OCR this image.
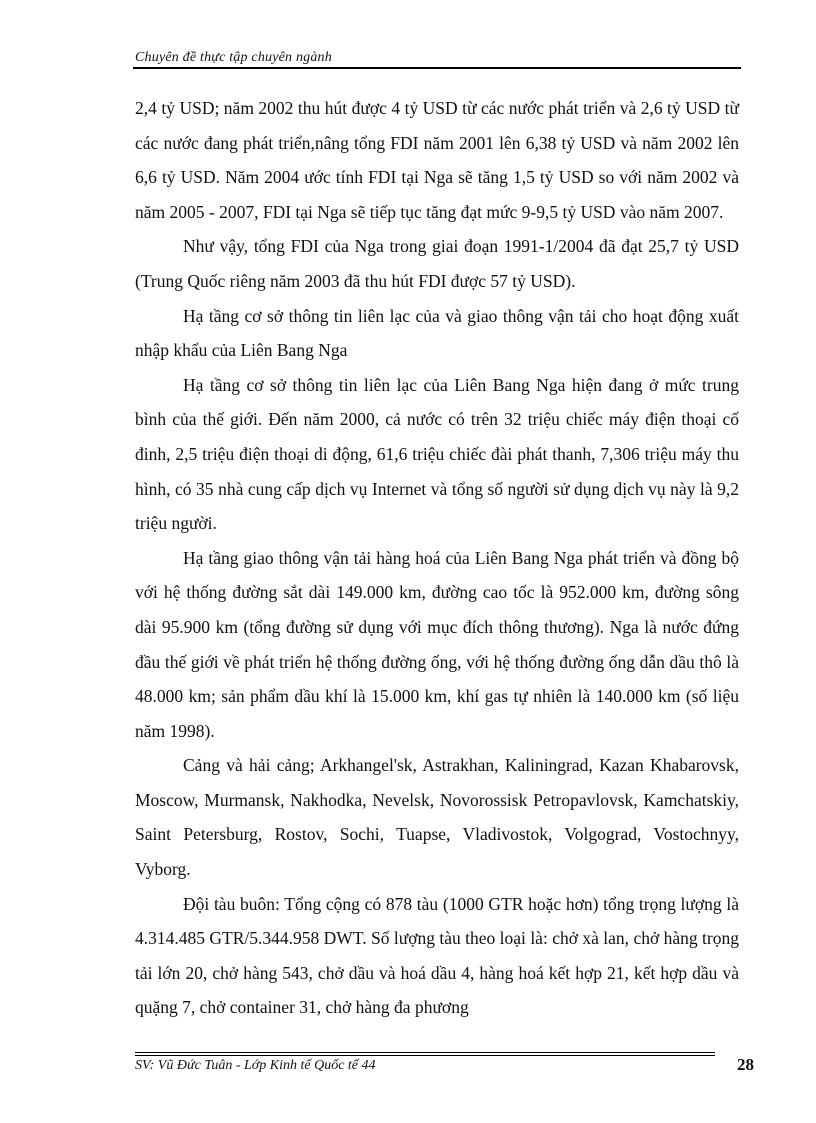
Chuyên đề thực tập chuyên ngành

2,4 tỷ USD; năm 2002 thu hút được 4 tỷ USD từ các nước phát triển và 2,6 tỷ USD từ các nước đang phát triển,nâng tổng FDI năm 2001 lên 6,38 tỷ USD và năm 2002 lên 6,6 tỷ USD. Năm 2004 ước tính FDI tại Nga sẽ tăng 1,5 tỷ USD so với năm 2002 và năm 2005 - 2007, FDI tại Nga sẽ tiếp tục tăng đạt mức 9-9,5 tỷ USD vào năm 2007.

Như vậy, tổng FDI của Nga trong giai đoạn 1991-1/2004 đã đạt 25,7 tỷ USD (Trung Quốc riêng năm 2003 đã thu hút FDI được 57 tỷ USD).

Hạ tầng cơ sở thông tin liên lạc của và giao thông vận tải cho hoạt động xuất nhập khẩu của Liên Bang Nga

Hạ tầng cơ sở thông tin liên lạc của Liên Bang Nga hiện đang ở mức trung bình của thế giới. Đến năm 2000, cả nước có trên 32 triệu chiếc máy điện thoại cố đinh, 2,5 triệu điện thoại di động, 61,6 triệu chiếc đài phát thanh, 7,306 triệu máy thu hình, có 35 nhà cung cấp dịch vụ Internet và tổng số người sử dụng dịch vụ này là 9,2 triệu người.

Hạ tầng giao thông vận tải hàng hoá của Liên Bang Nga phát triển và đồng bộ với hệ thống đường sắt dài 149.000 km, đường cao tốc là 952.000 km, đường sông dài 95.900 km (tổng đường sử dụng với mục đích thông thương). Nga là nước đứng đầu thế giới về phát triển hệ thống đường ống, với hệ thống đường ống dẫn dầu thô là 48.000 km; sản phẩm dầu khí là 15.000 km, khí gas tự nhiên là 140.000 km (số liệu năm 1998).

Cảng và hải cảng; Arkhangel'sk, Astrakhan, Kaliningrad, Kazan Khabarovsk, Moscow, Murmansk, Nakhodka, Nevelsk, Novorossisk Petropavlovsk, Kamchatskiy, Saint Petersburg, Rostov, Sochi, Tuapse, Vladivostok, Volgograd, Vostochnyy, Vyborg.

Đội tàu buôn: Tổng cộng có 878 tàu (1000 GTR hoặc hơn) tổng trọng lượng là 4.314.485 GTR/5.344.958 DWT. Số lượng tàu theo loại là: chở xà lan, chở hàng trọng tải lớn 20, chở hàng 543, chở dầu và hoá dầu 4, hàng hoá kết hợp 21, kết hợp dầu và quặng 7, chở container 31, chở hàng đa phương

SV: Vũ Đức Tuân - Lớp Kinh tế Quốc tế 44	28
